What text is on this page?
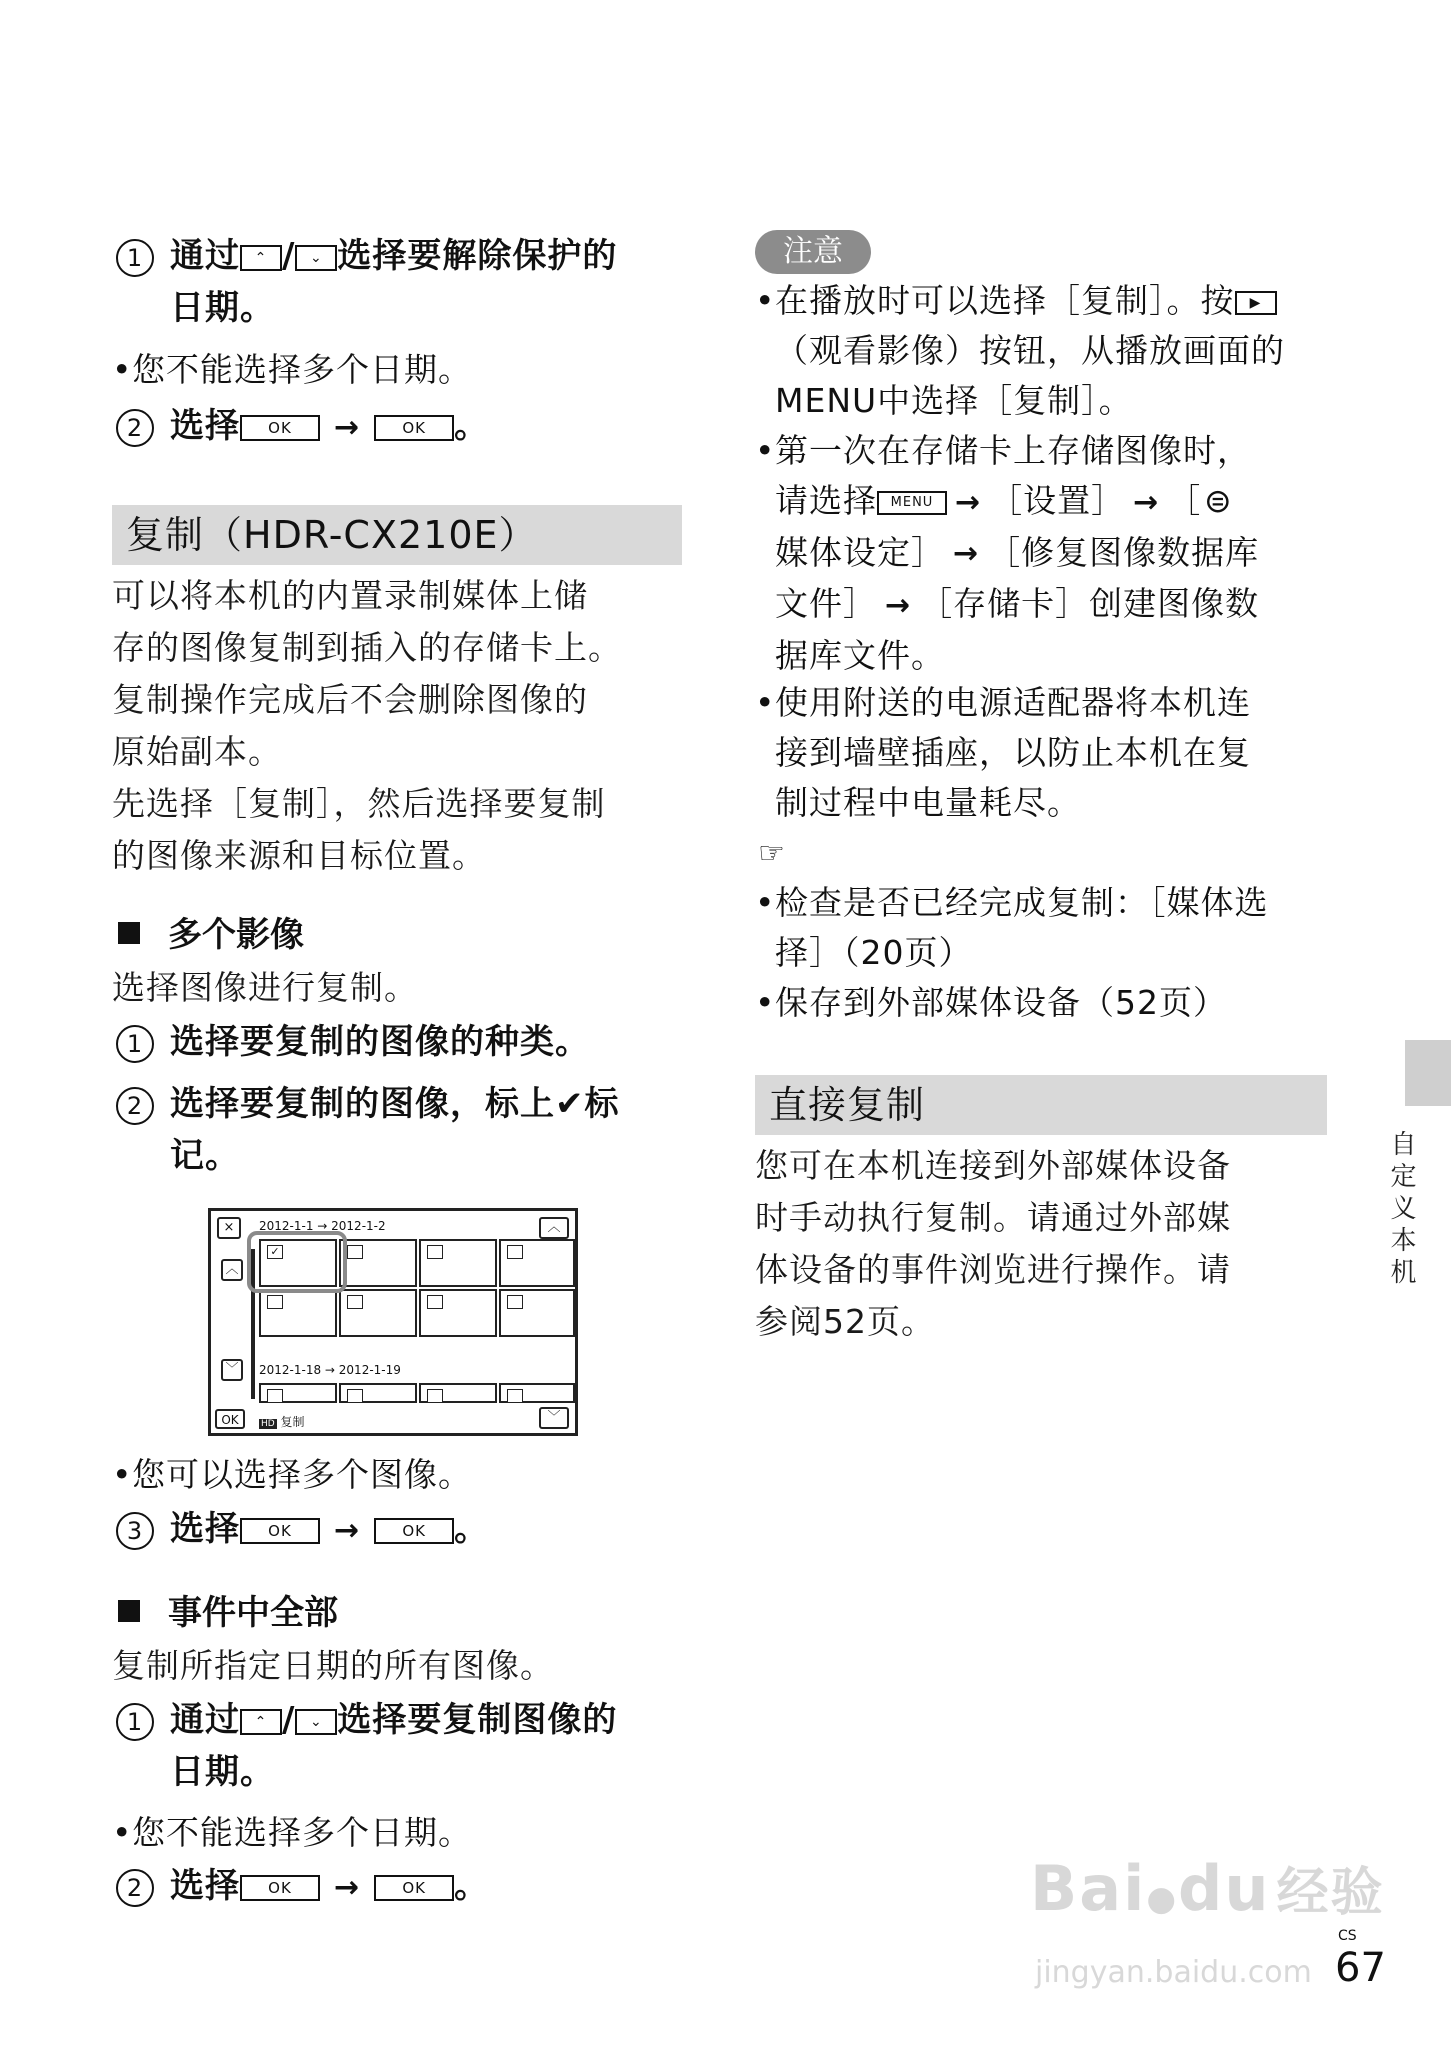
1 通过 ⌃ / ⌄ 选择要解除保护的
日期。
• 您不能选择多个日期。
2 选择 OK →	OK 。
复制（HDR-CX210E）
可以将本机的内置录制媒体上储
存的图像复制到插入的存储卡上。
复制操作完成后不会删除图像的
原始副本。
先选择［复制］，然后选择要复制
的图像来源和目标位置。
多个影像
选择图像进行复制。
1 选择要复制的图像的种类。
2 选择要复制的图像，标上✔标
记。
×	2012-1-1 → 2012-1-2	︿
︿
﹀
✓
2012-1-18 → 2012-1-19
OK	HD 复制	﹀
• 您可以选择多个图像。
3 选择 OK →	OK 。
事件中全部
复制所指定日期的所有图像。
1 通过 ⌃ / ⌄ 选择要复制图像的
日期。
• 您不能选择多个日期。
2 选择 OK →	OK 。
注意
• 在播放时可以选择［复制］。按 ▶
（观看影像）按钮，从播放画面的
MENU中选择［复制］。
• 第一次在存储卡上存储图像时，
请选择 MENU → ［设置］ → ［⊜
媒体设定］ → ［修复图像数据库
文件］ → ［存储卡］创建图像数
据库文件。
• 使用附送的电源适配器将本机连
接到墙壁插座，以防止本机在复
制过程中电量耗尽。
☞
• 检查是否已经完成复制：［媒体选
择］（20页）
• 保存到外部媒体设备（52页）
直接复制
您可在本机连接到外部媒体设备
时手动执行复制。请通过外部媒
体设备的事件浏览进行操作。请
参阅52页。
自定义本机
Bai●du 经验
jingyan.baidu.com
CS
67
